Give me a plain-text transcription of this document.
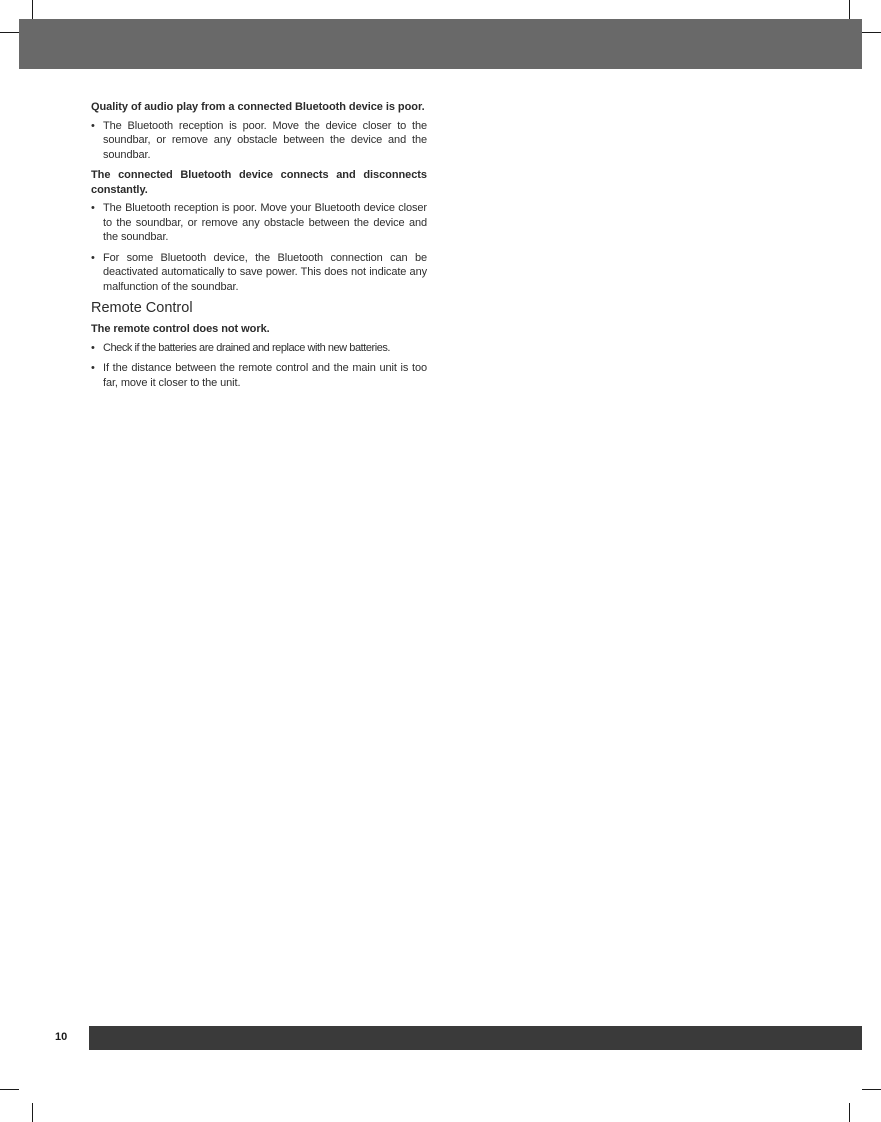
Quality of audio play from a connected Bluetooth device is poor.

• The Bluetooth reception is poor. Move the device closer to the soundbar, or remove any obstacle between the device and the soundbar.

The connected Bluetooth device connects and disconnects constantly.

• The Bluetooth reception is poor. Move your Bluetooth device closer to the soundbar, or remove any obstacle between the device and the soundbar.
• For some Bluetooth device, the Bluetooth connection can be deactivated automatically to save power. This does not indicate any malfunction of the soundbar.
Remote Control

The remote control does not work.

• Check if the batteries are drained and replace with new batteries.
• If the distance between the remote control and the main unit is too far, move it closer to the unit.
10
